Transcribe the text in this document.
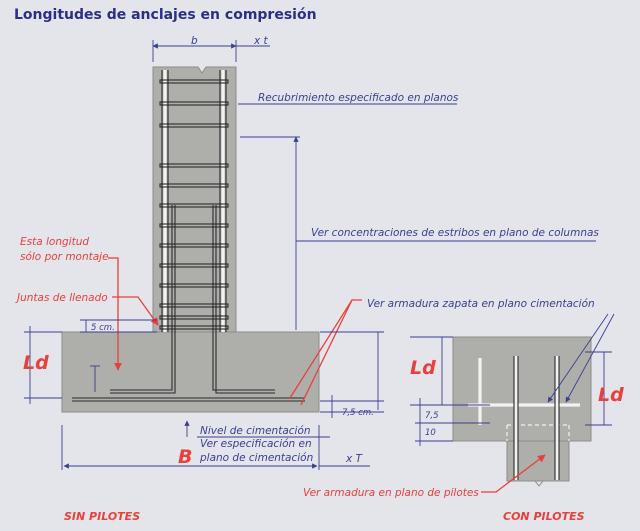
Longitudes de anclajes en compresión
b	x t
Recubrimiento especificado en planos
Ver concentraciones de estribos en plano de columnas
Esta longitud
sólo por montaje
Juntas de llenado
5 cm.
Ld
Ver armadura zapata en plano cimentación
7,5 cm.
Nivel de cimentación
Ver especificación en
plano de cimentación
B	x T
Ld
Ld
7,5
10
Ver armadura en plano de pilotes
SIN PILOTES	CON PILOTES
